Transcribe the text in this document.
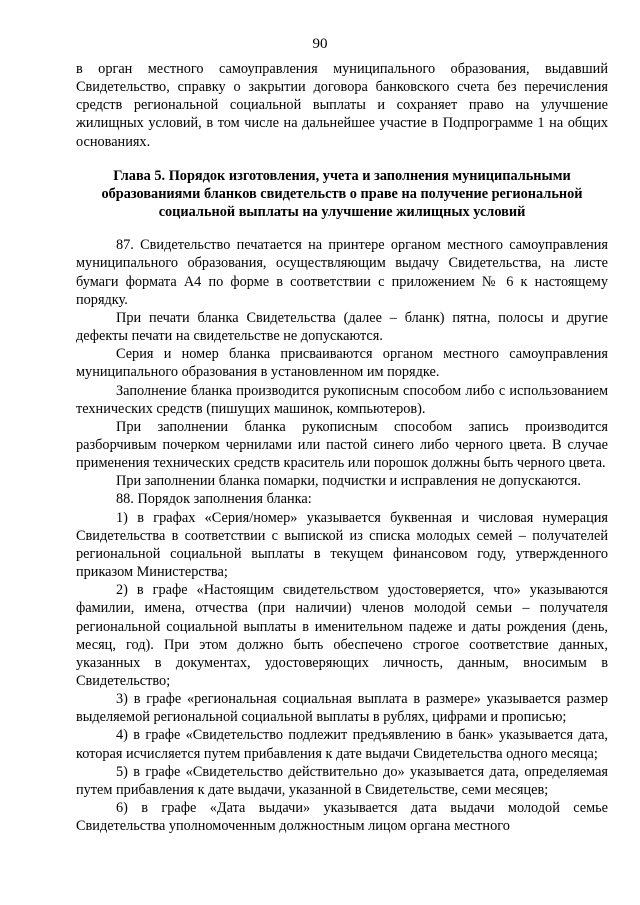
90

в орган местного самоуправления муниципального образования, выдавший Свидетельство, справку о закрытии договора банковского счета без перечисления средств региональной социальной выплаты и сохраняет право на улучшение жилищных условий, в том числе на дальнейшее участие в Подпрограмме 1 на общих основаниях.

Глава 5. Порядок изготовления, учета и заполнения муниципальными образованиями бланков свидетельств о праве на получение региональной социальной выплаты на улучшение жилищных условий

87. Свидетельство печатается на принтере органом местного самоуправления муниципального образования, осуществляющим выдачу Свидетельства, на листе бумаги формата А4 по форме в соответствии с приложением № 6 к настоящему порядку.

При печати бланка Свидетельства (далее – бланк) пятна, полосы и другие дефекты печати на свидетельстве не допускаются.

Серия и номер бланка присваиваются органом местного самоуправления муниципального образования в установленном им порядке.

Заполнение бланка производится рукописным способом либо с использованием технических средств (пишущих машинок, компьютеров).

При заполнении бланка рукописным способом запись производится разборчивым почерком чернилами или пастой синего либо черного цвета. В случае применения технических средств краситель или порошок должны быть черного цвета.

При заполнении бланка помарки, подчистки и исправления не допускаются.

88. Порядок заполнения бланка:

1) в графах «Серия/номер» указывается буквенная и числовая нумерация Свидетельства в соответствии с выпиской из списка молодых семей – получателей региональной социальной выплаты в текущем финансовом году, утвержденного приказом Министерства;

2) в графе «Настоящим свидетельством удостоверяется, что» указываются фамилии, имена, отчества (при наличии) членов молодой семьи – получателя региональной социальной выплаты в именительном падеже и даты рождения (день, месяц, год). При этом должно быть обеспечено строгое соответствие данных, указанных в документах, удостоверяющих личность, данным, вносимым в Свидетельство;

3) в графе «региональная социальная выплата в размере» указывается размер выделяемой региональной социальной выплаты в рублях, цифрами и прописью;

4) в графе «Свидетельство подлежит предъявлению в банк» указывается дата, которая исчисляется путем прибавления к дате выдачи Свидетельства одного месяца;

5) в графе «Свидетельство действительно до» указывается дата, определяемая путем прибавления к дате выдачи, указанной в Свидетельстве, семи месяцев;

6) в графе «Дата выдачи» указывается дата выдачи молодой семье Свидетельства уполномоченным должностным лицом органа местного
